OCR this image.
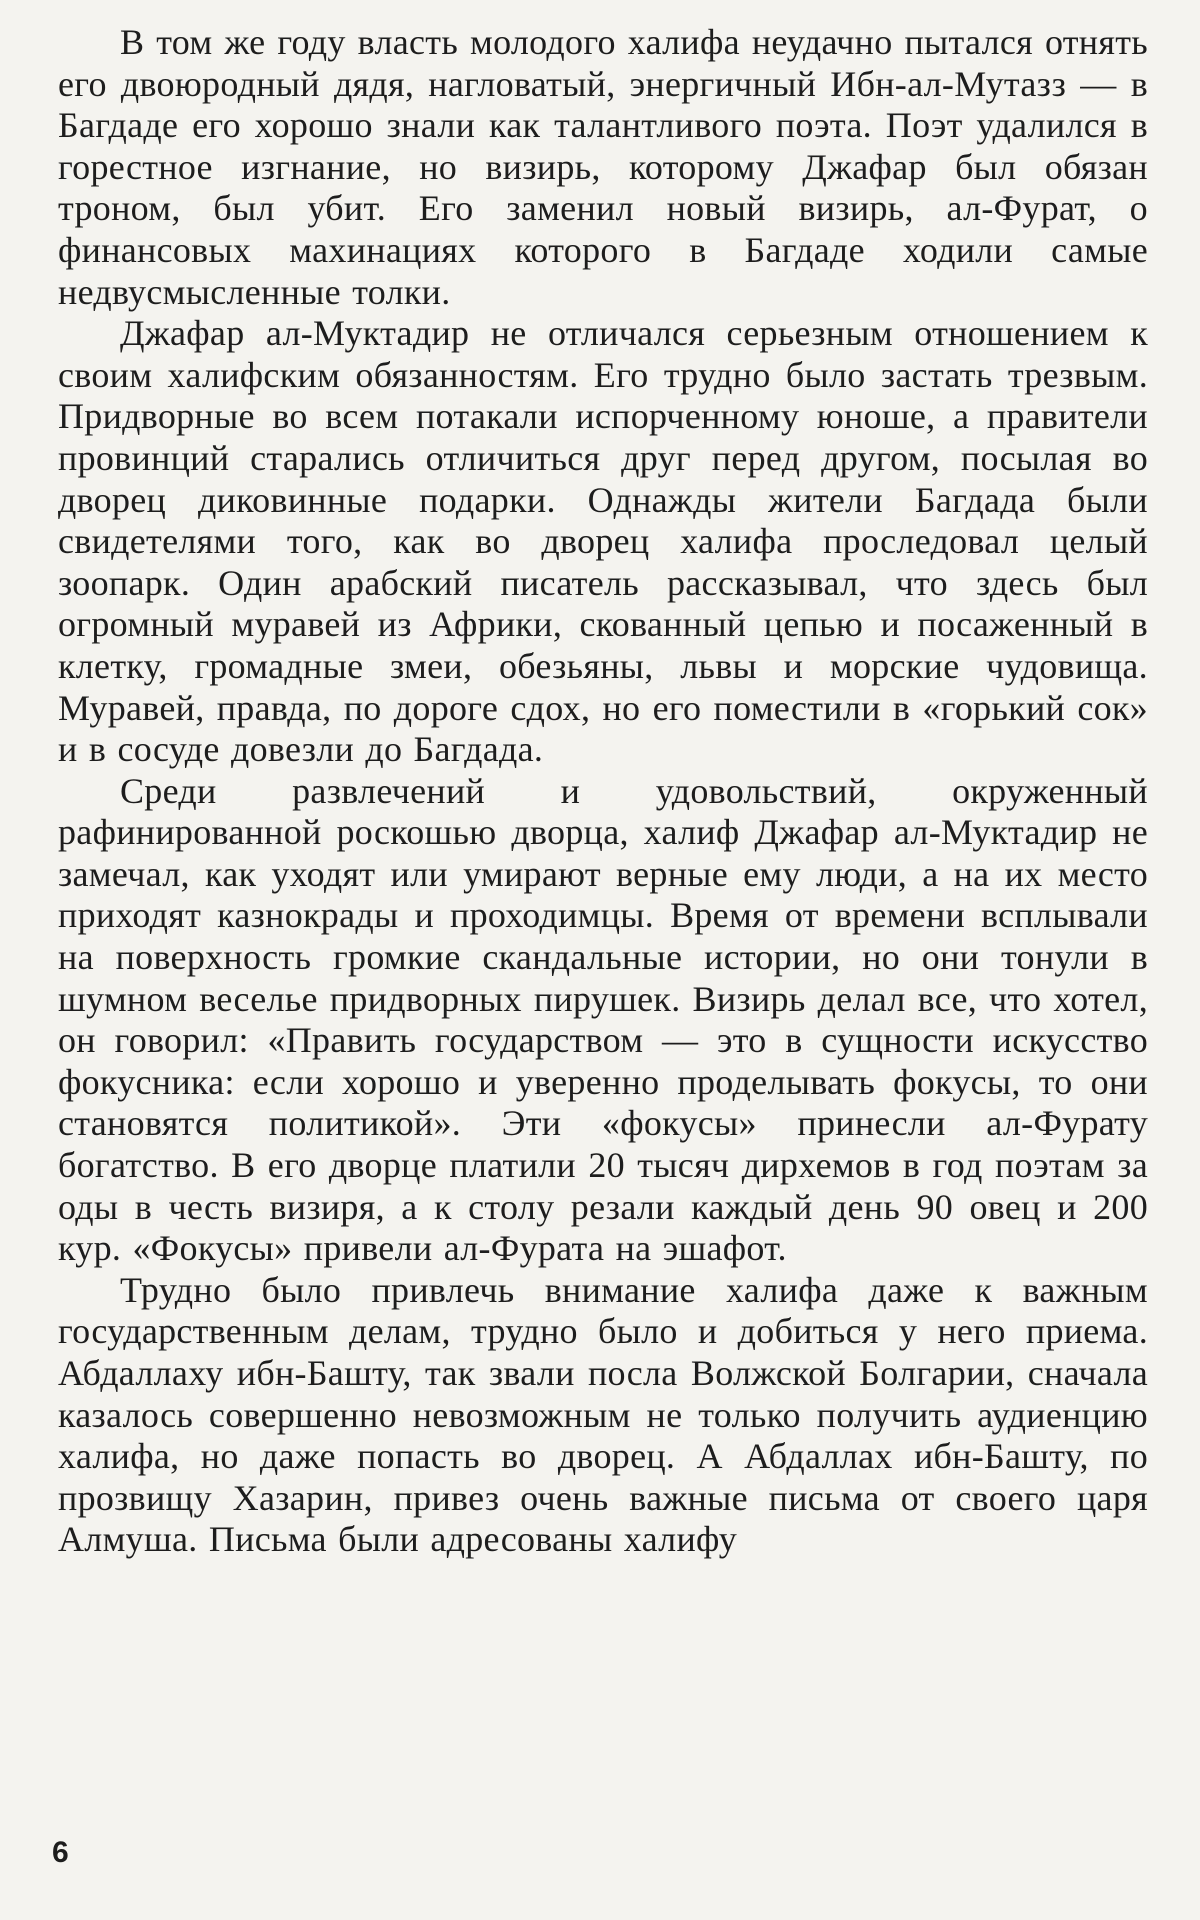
В том же году власть молодого халифа неудачно пытался отнять его двоюродный дядя, нагловатый, энергичный Ибн-ал-Мутазз — в Багдаде его хорошо знали как талантливого поэта. Поэт удалился в горестное изгнание, но визирь, которому Джафар был обязан троном, был убит. Его заменил новый визирь, ал-Фурат, о финансовых махинациях которого в Багдаде ходили самые недвусмысленные толки.

Джафар ал-Муктадир не отличался серьезным отношением к своим халифским обязанностям. Его трудно было застать трезвым. Придворные во всем потакали испорченному юноше, а правители провинций старались отличиться друг перед другом, посылая во дворец диковинные подарки. Однажды жители Багдада были свидетелями того, как во дворец халифа проследовал целый зоопарк. Один арабский писатель рассказывал, что здесь был огромный муравей из Африки, скованный цепью и посаженный в клетку, громадные змеи, обезьяны, львы и морские чудовища. Муравей, правда, по дороге сдох, но его поместили в «горький сок» и в сосуде довезли до Багдада.

Среди развлечений и удовольствий, окруженный рафинированной роскошью дворца, халиф Джафар ал-Муктадир не замечал, как уходят или умирают верные ему люди, а на их место приходят казнокрады и проходимцы. Время от времени всплывали на поверхность громкие скандальные истории, но они тонули в шумном веселье придворных пирушек. Визирь делал все, что хотел, он говорил: «Править государством — это в сущности искусство фокусника: если хорошо и уверенно проделывать фокусы, то они становятся политикой». Эти «фокусы» принесли ал-Фурату богатство. В его дворце платили 20 тысяч дирхемов в год поэтам за оды в честь визиря, а к столу резали каждый день 90 овец и 200 кур. «Фокусы» привели ал-Фурата на эшафот.

Трудно было привлечь внимание халифа даже к важным государственным делам, трудно было и добиться у него приема. Абдаллаху ибн-Башту, так звали посла Волжской Болгарии, сначала казалось совершенно невозможным не только получить аудиенцию халифа, но даже попасть во дворец. А Абдаллах ибн-Башту, по прозвищу Хазарин, привез очень важные письма от своего царя Алмуша. Письма были адресованы халифу

6
